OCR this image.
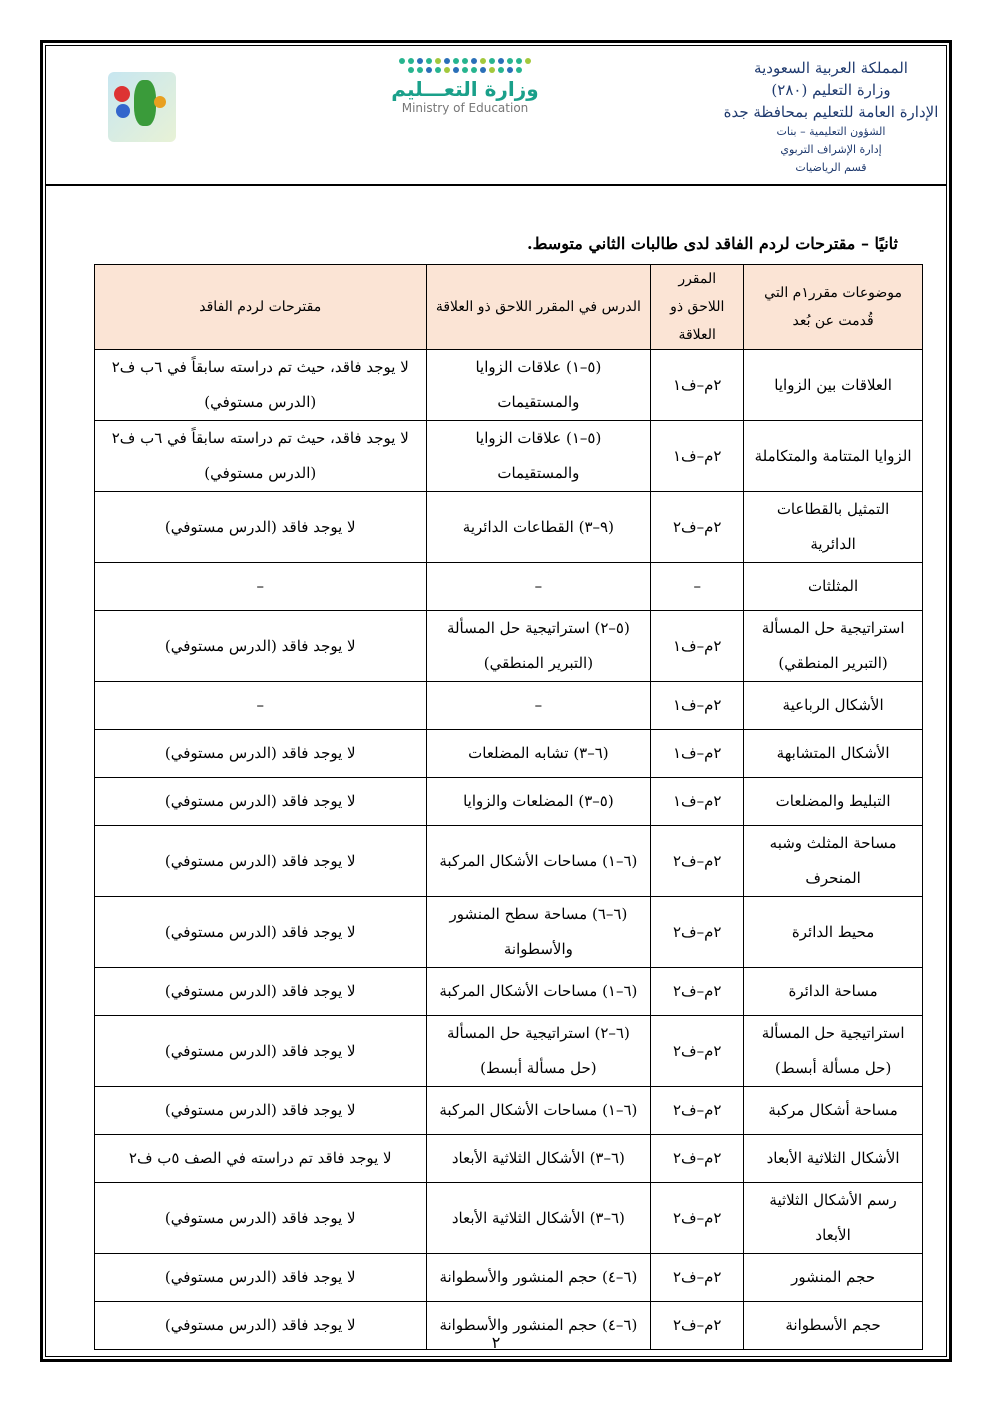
المملكة العربية السعودية
وزارة التعليم (٢٨٠)
الإدارة العامة للتعليم بمحافظة جدة
الشؤون التعليمية – بنات
إدارة الإشراف التربوي
قسم الرياضيات
وزارة التعـــليم
Ministry of Education
ثانيًا – مقترحات لردم الفاقد لدى طالبات الثاني متوسط.
موضوعات مقرر١م التي قُدمت عن بُعد	المقرر اللاحق ذو العلاقة	الدرس في المقرر اللاحق ذو العلاقة	مقترحات لردم الفاقد
العلاقات بين الزوايا	٢م–ف١	(٥–١) علاقات الزوايا والمستقيمات	لا يوجد فاقد، حيث تم دراسته سابقاً في ٦ب ف٢ (الدرس مستوفي)
الزوايا المتتامة والمتكاملة	٢م–ف١	(٥–١) علاقات الزوايا والمستقيمات	لا يوجد فاقد، حيث تم دراسته سابقاً في ٦ب ف٢ (الدرس مستوفي)
التمثيل بالقطاعات الدائرية	٢م–ف٢	(٩–٣) القطاعات الدائرية	لا يوجد فاقد (الدرس مستوفي)
المثلثات	–	–	–
استراتيجية حل المسألة (التبرير المنطقي)	٢م–ف١	(٥–٢) استراتيجية حل المسألة (التبرير المنطقي)	لا يوجد فاقد (الدرس مستوفي)
الأشكال الرباعية	٢م–ف١	–	–
الأشكال المتشابهة	٢م–ف١	(٦–٣) تشابه المضلعات	لا يوجد فاقد (الدرس مستوفي)
التبليط والمضلعات	٢م–ف١	(٥–٣) المضلعات والزوايا	لا يوجد فاقد (الدرس مستوفي)
مساحة المثلث وشبه المنحرف	٢م–ف٢	(٦–١) مساحات الأشكال المركبة	لا يوجد فاقد (الدرس مستوفي)
محيط الدائرة	٢م–ف٢	(٦–٦) مساحة سطح المنشور والأسطوانة	لا يوجد فاقد (الدرس مستوفي)
مساحة الدائرة	٢م–ف٢	(٦–١) مساحات الأشكال المركبة	لا يوجد فاقد (الدرس مستوفي)
استراتيجية حل المسألة (حل مسألة أبسط)	٢م–ف٢	(٦–٢) استراتيجية حل المسألة (حل مسألة أبسط)	لا يوجد فاقد (الدرس مستوفي)
مساحة أشكال مركبة	٢م–ف٢	(٦–١) مساحات الأشكال المركبة	لا يوجد فاقد (الدرس مستوفي)
الأشكال الثلاثية الأبعاد	٢م–ف٢	(٦–٣) الأشكال الثلاثية الأبعاد	لا يوجد فاقد تم دراسته في الصف ٥ب ف٢
رسم الأشكال الثلاثية الأبعاد	٢م–ف٢	(٦–٣) الأشكال الثلاثية الأبعاد	لا يوجد فاقد (الدرس مستوفي)
حجم المنشور	٢م–ف٢	(٦–٤) حجم المنشور والأسطوانة	لا يوجد فاقد (الدرس مستوفي)
حجم الأسطوانة	٢م–ف٢	(٦–٤) حجم المنشور والأسطوانة	لا يوجد فاقد (الدرس مستوفي)
٢
